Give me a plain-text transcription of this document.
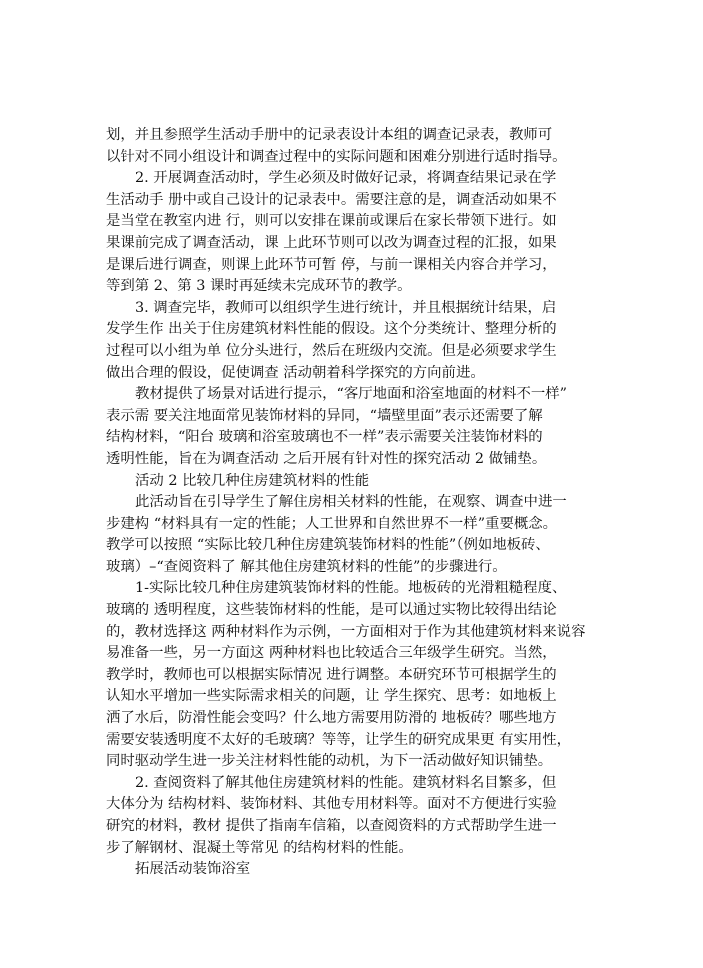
划，并且参照学生活动手册中的记录表设计本组的调查记录表，教师可
以针对不同小组设计和调查过程中的实际问题和困难分别进行适时指导。
2. 开展调查活动时，学生必须及时做好记录，将调查结果记录在学
生活动手 册中或自己设计的记录表中。需要注意的是，调查活动如果不
是当堂在教室内进 行，则可以安排在课前或课后在家长带领下进行。如
果课前完成了调查活动，课 上此环节则可以改为调查过程的汇报，如果
是课后进行调查，则课上此环节可暂 停，与前一课相关内容合并学习，
等到第 2、第 3 课时再延续未完成环节的教学。
3. 调查完毕，教师可以组织学生进行统计，并且根据统计结果，启
发学生作 出关于住房建筑材料性能的假设。这个分类统计、整理分析的
过程可以小组为单 位分头进行，然后在班级内交流。但是必须要求学生
做出合理的假设，促使调查 活动朝着科学探究的方向前进。
教材提供了场景对话进行提示，“客厅地面和浴室地面的材料不一样”
表示需 要关注地面常见装饰材料的异同，“墙壁里面”表示还需要了解
结构材料，“阳台 玻璃和浴室玻璃也不一样”表示需要关注装饰材料的
透明性能，旨在为调查活动 之后开展有针对性的探究活动 2 做铺垫。
活动 2 比较几种住房建筑材料的性能
此活动旨在引导学生了解住房相关材料的性能，在观察、调查中进一
步建构 “材料具有一定的性能；人工世界和自然世界不一样”重要概念。
教学可以按照 “实际比较几种住房建筑装饰材料的性能”（例如地板砖、
玻璃）–“查阅资料了 解其他住房建筑材料的性能”的步骤进行。
1-实际比较几种住房建筑装饰材料的性能。地板砖的光滑粗糙程度、
玻璃的 透明程度，这些装饰材料的性能，是可以通过实物比较得出结论
的，教材选择这 两种材料作为示例，一方面相对于作为其他建筑材料来说容
易准备一些，另一方面这 两种材料也比较适合三年级学生研究。当然，
教学时，教师也可以根据实际情况 进行调整。本研究环节可根据学生的
认知水平增加一些实际需求相关的问题，让 学生探究、思考：如地板上
洒了水后，防滑性能会变吗？什么地方需要用防滑的 地板砖？哪些地方
需要安装透明度不太好的毛玻璃？等等，让学生的研究成果更 有实用性，
同时驱动学生进一步关注材料性能的动机，为下一活动做好知识铺垫。
2. 查阅资料了解其他住房建筑材料的性能。建筑材料名目繁多，但
大体分为 结构材料、装饰材料、其他专用材料等。面对不方便进行实验
研究的材料，教材 提供了指南车信箱，以查阅资料的方式帮助学生进一
步了解钢材、混凝土等常见 的结构材料的性能。
拓展活动装饰浴室
